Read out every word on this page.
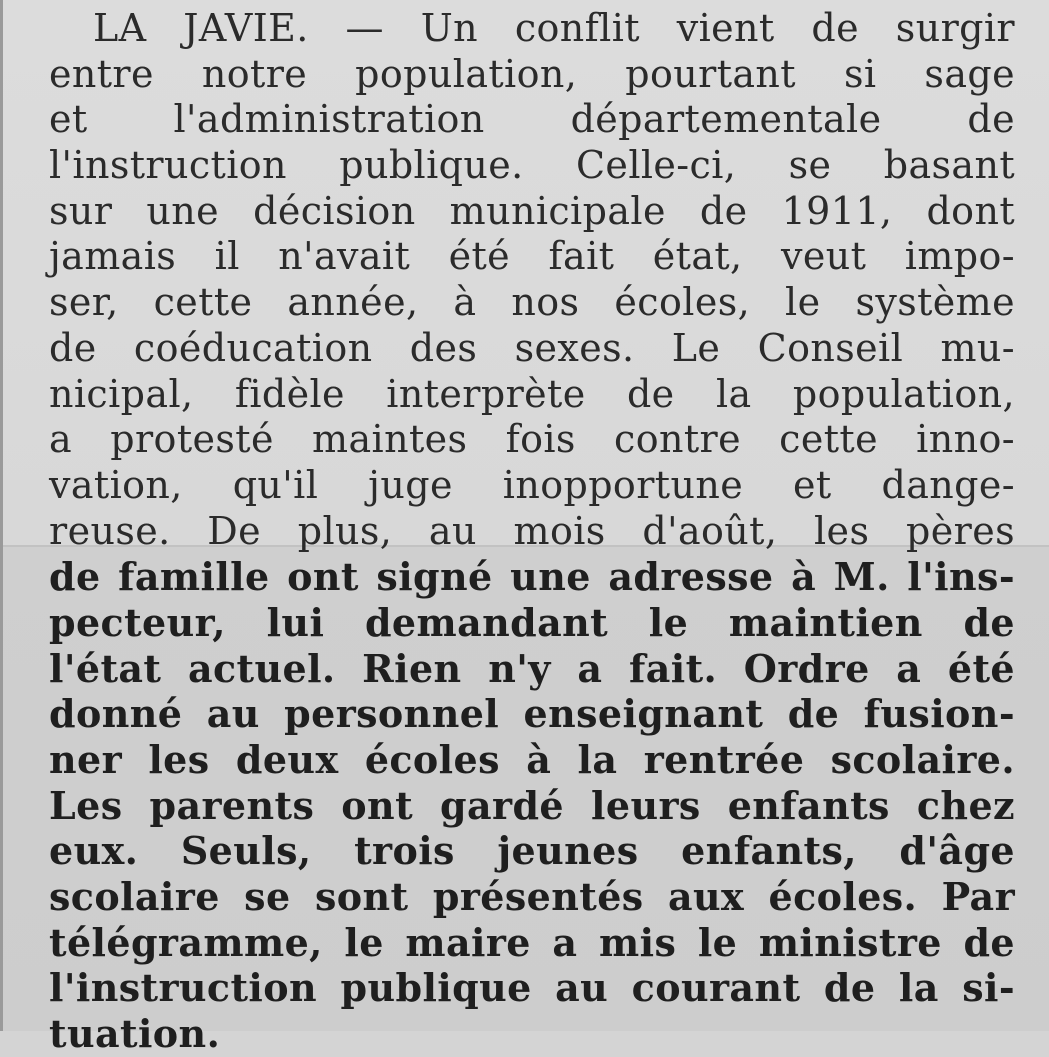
LA JAVIE. — Un conflit vient de surgir
entre notre population, pourtant si sage
et l'administration départementale de
l'instruction publique. Celle-ci, se basant
sur une décision municipale de 1911, dont
jamais il n'avait été fait état, veut impo-
ser, cette année, à nos écoles, le système
de coéducation des sexes. Le Conseil mu-
nicipal, fidèle interprète de la population,
a protesté maintes fois contre cette inno-
vation, qu'il juge inopportune et dange-
reuse. De plus, au mois d'août, les pères
de famille ont signé une adresse à M. l'ins-
pecteur, lui demandant le maintien de
l'état actuel. Rien n'y a fait. Ordre a été
donné au personnel enseignant de fusion-
ner les deux écoles à la rentrée scolaire.
Les parents ont gardé leurs enfants chez
eux. Seuls, trois jeunes enfants, d'âge
scolaire se sont présentés aux écoles. Par
télégramme, le maire a mis le ministre de
l'instruction publique au courant de la si-
tuation.
